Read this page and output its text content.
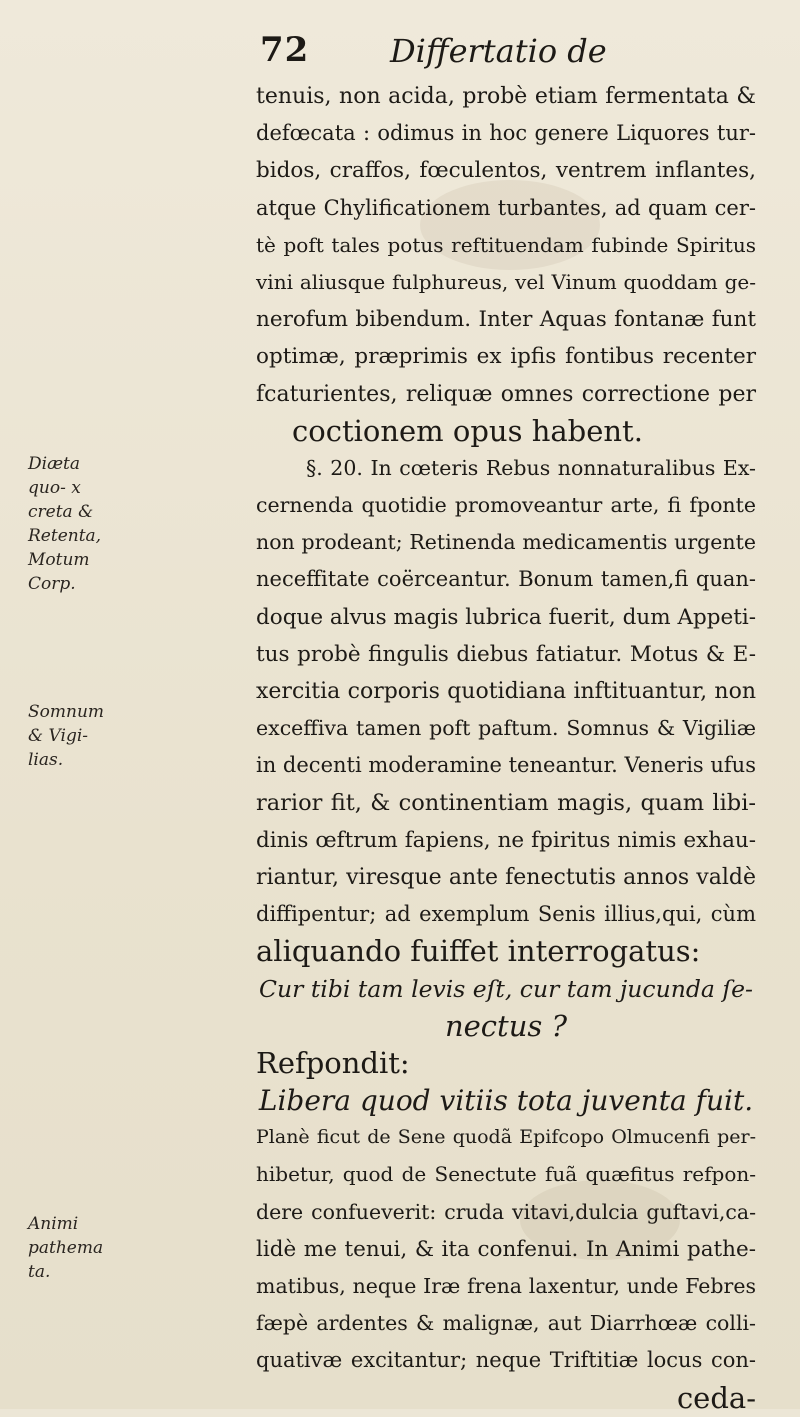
72	Differtatio de
tenuis, non acida, probè etiam fermentata &
defœcata : odimus in hoc genere Liquores tur-
bidos, craffos, fœculentos, ventrem inflantes,
atque Chylificationem turbantes, ad quam cer-
tè poft tales potus reftituendam fubinde Spiritus
vini aliusque fulphureus, vel Vinum quoddam ge-
nerofum bibendum. Inter Aquas fontanæ funt
optimæ, præprimis ex ipfis fontibus recenter
fcaturientes, reliquæ omnes correctione per
coctionem opus habent.
§. 20. In cœteris Rebus nonnaturalibus Ex-
cernenda quotidie promoveantur arte, fi fponte
non prodeant; Retinenda medicamentis urgente
neceffitate coërceantur. Bonum tamen,fi quan-
doque alvus magis lubrica fuerit, dum Appeti-
tus probè fingulis diebus fatiatur. Motus & E-
xercitia corporis quotidiana inftituantur, non
exceffiva tamen poft paftum. Somnus & Vigiliæ
in decenti moderamine teneantur. Veneris ufus
rarior fit, & continentiam magis, quam libi-
dinis œftrum fapiens, ne fpiritus nimis exhau-
riantur, viresque ante fenectutis annos valdè
diffipentur; ad exemplum Senis illius,qui, cùm
aliquando fuiffet interrogatus:
Cur tibi tam levis eſt, cur tam jucunda ſe-
nectus ?
Refpondit:
Libera quod vitiis tota juventa fuit.
Planè ficut de Sene quodã Epifcopo Olmucenfi per-
hibetur, quod de Senectute fuã quæfitus refpon-
dere confueverit: cruda vitavi,dulcia guftavi,ca-
lidè me tenui, & ita confenui. In Animi pathe-
matibus, neque Iræ frena laxentur, unde Febres
fæpè ardentes & malignæ, aut Diarrhœæ colli-
quativæ excitantur; neque Triftitiæ locus con-
ceda-
Diæta
quo- x
creta &
Retenta,
Motum
Corp.
Somnum
& Vigi-
lias.
Animi
pathema
ta.
